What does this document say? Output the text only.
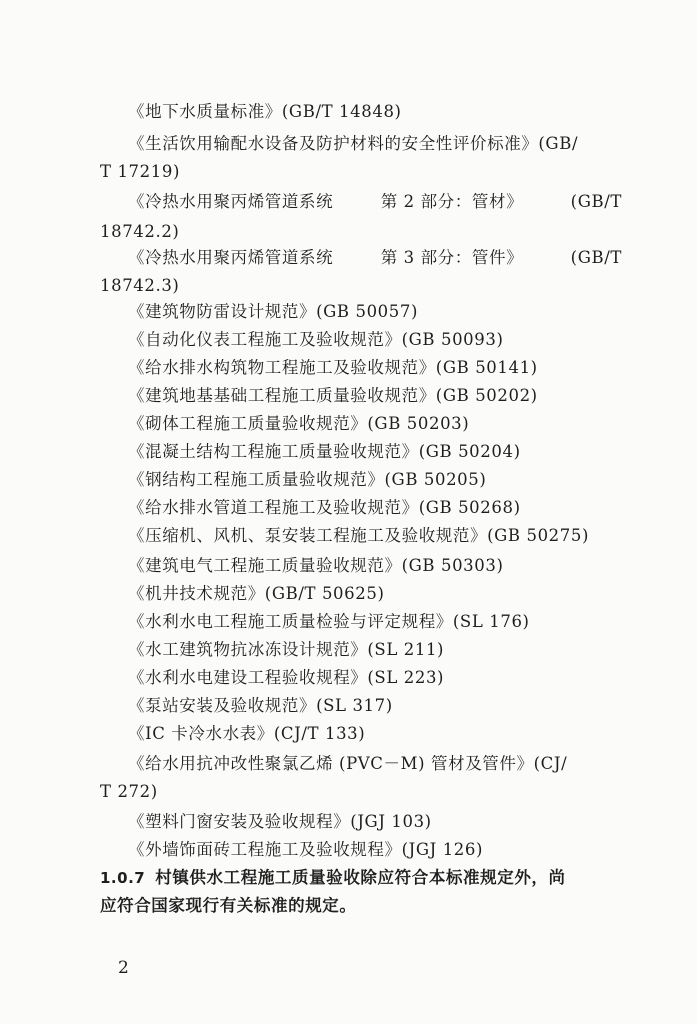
《地下水质量标准》(GB/T 14848)
《生活饮用输配水设备及防护材料的安全性评价标准》(GB/
T 17219)
《冷热水用聚丙烯管道系统	第 2 部分：管材》	(GB/T
18742.2)
《冷热水用聚丙烯管道系统	第 3 部分：管件》	(GB/T
18742.3)
《建筑物防雷设计规范》(GB 50057)
《自动化仪表工程施工及验收规范》(GB 50093)
《给水排水构筑物工程施工及验收规范》(GB 50141)
《建筑地基基础工程施工质量验收规范》(GB 50202)
《砌体工程施工质量验收规范》(GB 50203)
《混凝土结构工程施工质量验收规范》(GB 50204)
《钢结构工程施工质量验收规范》(GB 50205)
《给水排水管道工程施工及验收规范》(GB 50268)
《压缩机、风机、泵安装工程施工及验收规范》(GB 50275)
《建筑电气工程施工质量验收规范》(GB 50303)
《机井技术规范》(GB/T 50625)
《水利水电工程施工质量检验与评定规程》(SL 176)
《水工建筑物抗冰冻设计规范》(SL 211)
《水利水电建设工程验收规程》(SL 223)
《泵站安装及验收规范》(SL 317)
《IC 卡冷水水表》(CJ/T 133)
《给水用抗冲改性聚氯乙烯 (PVC－M) 管材及管件》(CJ/
T 272)
《塑料门窗安装及验收规程》(JGJ 103)
《外墙饰面砖工程施工及验收规程》(JGJ 126)
1.0.7 村镇供水工程施工质量验收除应符合本标准规定外，尚
应符合国家现行有关标准的规定。
2
